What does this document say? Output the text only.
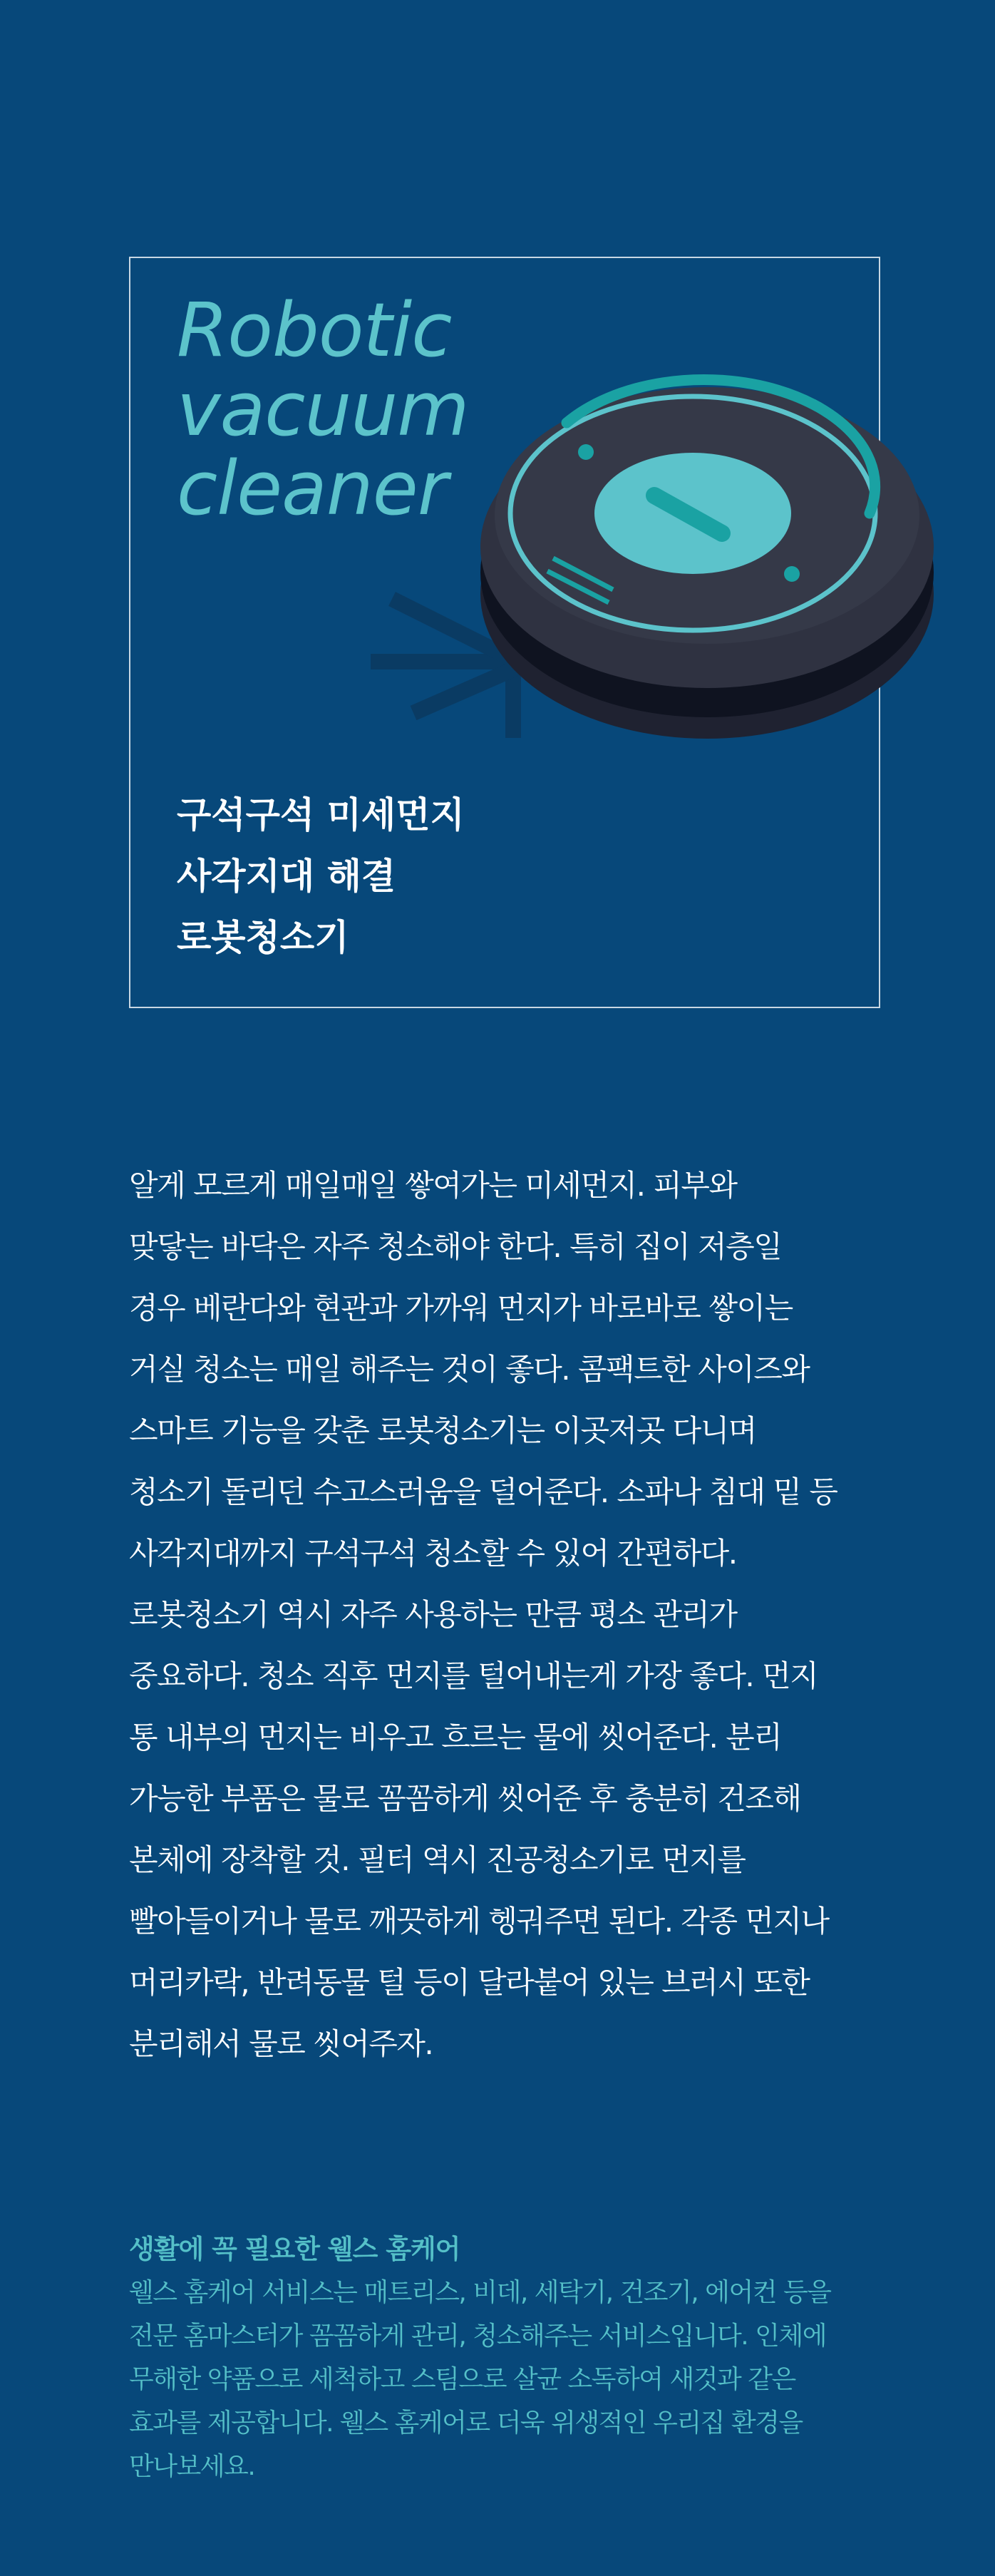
Robotic
vacuum
cleaner
구석구석 미세먼지
사각지대 해결
로봇청소기
알게 모르게 매일매일 쌓여가는 미세먼지. 피부와
맞닿는 바닥은 자주 청소해야 한다. 특히 집이 저층일
경우 베란다와 현관과 가까워 먼지가 바로바로 쌓이는
거실 청소는 매일 해주는 것이 좋다. 콤팩트한 사이즈와
스마트 기능을 갖춘 로봇청소기는 이곳저곳 다니며
청소기 돌리던 수고스러움을 덜어준다. 소파나 침대 밑 등
사각지대까지 구석구석 청소할 수 있어 간편하다.
로봇청소기 역시 자주 사용하는 만큼 평소 관리가
중요하다. 청소 직후 먼지를 털어내는게 가장 좋다. 먼지
통 내부의 먼지는 비우고 흐르는 물에 씻어준다. 분리
가능한 부품은 물로 꼼꼼하게 씻어준 후 충분히 건조해
본체에 장착할 것. 필터 역시 진공청소기로 먼지를
빨아들이거나 물로 깨끗하게 헹궈주면 된다. 각종 먼지나
머리카락, 반려동물 털 등이 달라붙어 있는 브러시 또한
분리해서 물로 씻어주자.
생활에 꼭 필요한 웰스 홈케어
웰스 홈케어 서비스는 매트리스, 비데, 세탁기, 건조기, 에어컨 등을
전문 홈마스터가 꼼꼼하게 관리, 청소해주는 서비스입니다. 인체에
무해한 약품으로 세척하고 스팀으로 살균 소독하여 새것과 같은
효과를 제공합니다. 웰스 홈케어로 더욱 위생적인 우리집 환경을
만나보세요.
